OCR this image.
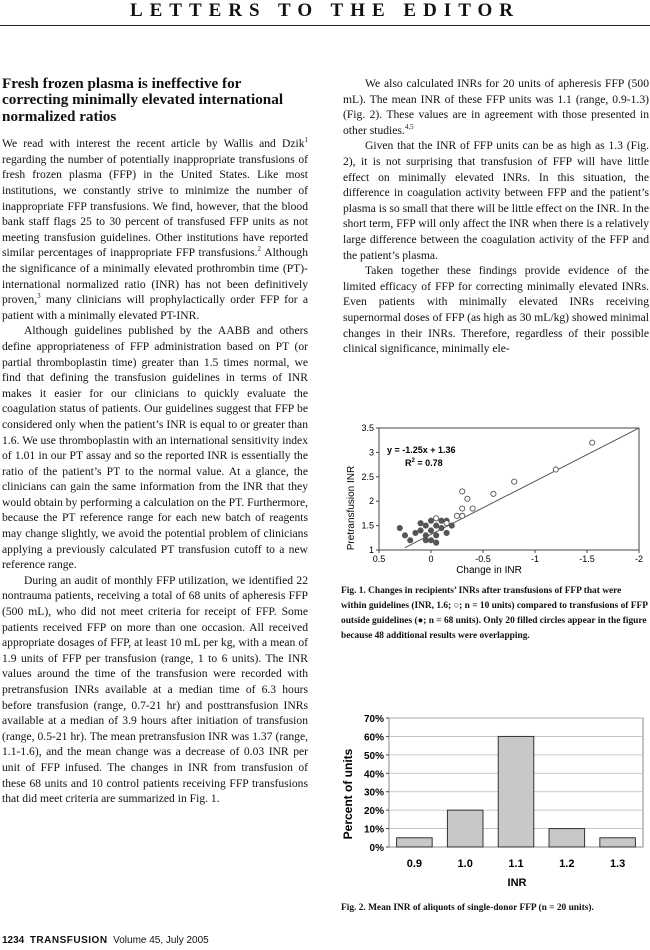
LETTERS TO THE EDITOR
Fresh frozen plasma is ineffective for correcting minimally elevated international normalized ratios

We read with interest the recent article by Wallis and Dzik$^1$ regarding the number of potentially inappropriate transfusions of fresh frozen plasma (FFP) in the United States. Like most institutions, we constantly strive to minimize the number of inappropriate FFP transfusions. We find, however, that the blood bank staff flags 25 to 30 percent of transfused FFP units as not meeting transfusion guidelines. Other institutions have reported similar percentages of inappropriate FFP transfusions.$^2$ Although the significance of a minimally elevated prothrombin time (PT)-international normalized ratio (INR) has not been definitively proven,$^3$ many clinicians will prophylactically order FFP for a patient with a minimally elevated PT-INR.

Although guidelines published by the AABB and others define appropriateness of FFP administration based on PT (or partial thromboplastin time) greater than 1.5 times normal, we find that defining the transfusion guidelines in terms of INR makes it easier for our clinicians to quickly evaluate the coagulation status of patients. Our guidelines suggest that FFP be considered only when the patient’s INR is equal to or greater than 1.6. We use thromboplastin with an international sensitivity index of 1.01 in our PT assay and so the reported INR is essentially the ratio of the patient’s PT to the normal value. At a glance, the clinicians can gain the same information from the INR that they would obtain by performing a calculation on the PT. Furthermore, because the PT reference range for each new batch of reagents may change slightly, we avoid the potential problem of clinicians applying a previously calculated PT transfusion cutoff to a new reference range.

During an audit of monthly FFP utilization, we identified 22 nontrauma patients, receiving a total of 68 units of apheresis FFP (500 mL), who did not meet criteria for receipt of FFP. Some patients received FFP on more than one occasion. All received appropriate dosages of FFP, at least 10 mL per kg, with a mean of 1.9 units of FFP per transfusion (range, 1 to 6 units). The INR values around the time of the transfusion were recorded with pretransfusion INRs available at a median time of 6.3 hours before transfusion (range, 0.7-21 hr) and posttransfusion INRs available at a median of 3.9 hours after initiation of transfusion (range, 0.5-21 hr). The mean pretransfusion INR was 1.37 (range, 1.1-1.6), and the mean change was a decrease of 0.03 INR per unit of FFP infused. The changes in INR from transfusion of these 68 units and 10 control patients receiving FFP transfusions that did meet criteria are summarized in Fig. 1.

We also calculated INRs for 20 units of apheresis FFP (500 mL). The mean INR of these FFP units was 1.1 (range, 0.9-1.3) (Fig. 2). These values are in agreement with those presented in other studies.$^{4,5}$

Given that the INR of FFP units can be as high as 1.3 (Fig. 2), it is not surprising that transfusion of FFP will have little effect on minimally elevated INRs. In this situation, the difference in coagulation activity between FFP and the patient’s plasma is so small that there will be little effect on the INR. In the short term, FFP will only affect the INR when there is a relatively large difference between the coagulation activity of the FFP and the patient’s plasma.

Taken together these findings provide evidence of the limited efficacy of FFP for correcting minimally elevated INRs. Even patients with minimally elevated INRs receiving supernormal doses of FFP (as high as 30 mL/kg) showed minimal changes in their INRs. Therefore, regardless of their possible clinical significance, minimally ele-

Pretransfusion INR
Change in INR
y = -1.25x + 1.36
$R^2 = 0.78$
0.5	0	-0.5	-1	-1.5	-2
1
1.5
2
2.5
3
3.5
Fig. 1. Changes in recipients’ INRs after transfusions of FFP that were within guidelines (INR, 1.6; ○; n = 10 units) compared to transfusions of FFP outside guidelines (●; n = 68 units). Only 20 filled circles appear in the figure because 48 additional results were overlapping.
Percent of units
INR
0%
10%
20%
30%
40%
50%
60%
70%
0.9	1.0	1.1	1.2	1.3
Fig. 2. Mean INR of aliquots of single-donor FFP (n = 20 units).
1234 TRANSFUSION Volume 45, July 2005
